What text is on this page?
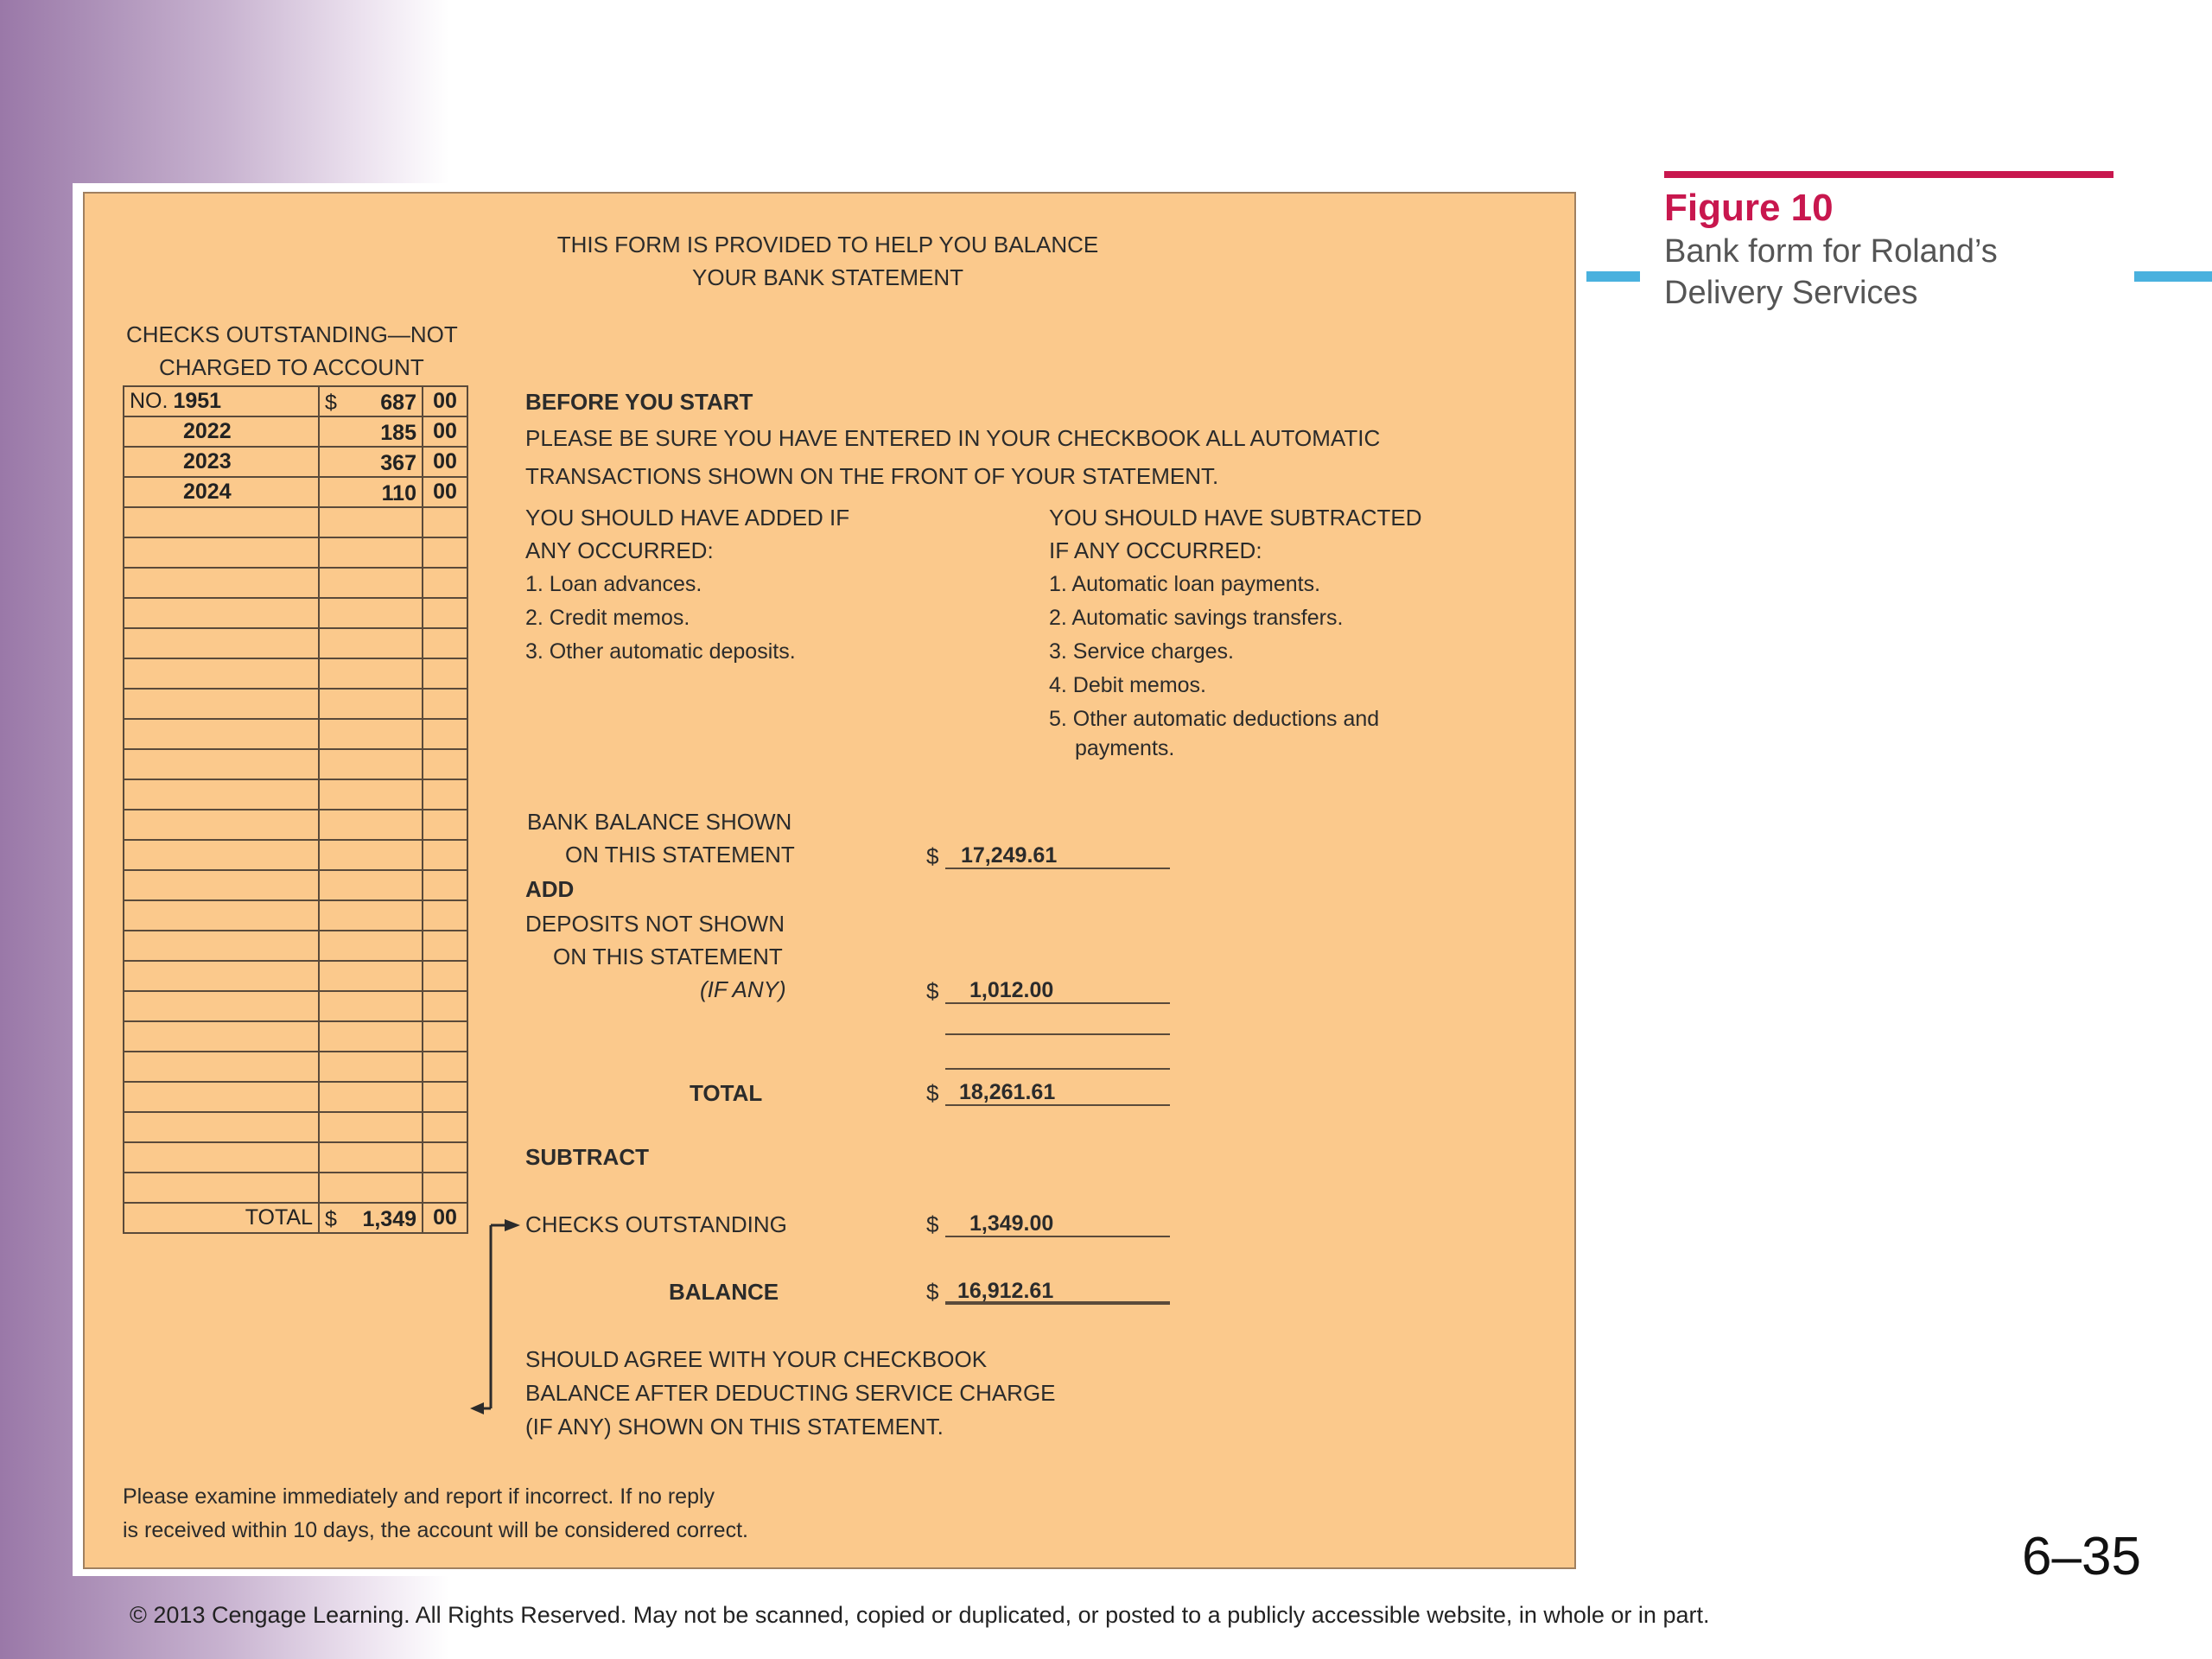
THIS FORM IS PROVIDED TO HELP YOU BALANCE
YOUR BANK STATEMENT
CHECKS OUTSTANDING—NOT
CHARGED TO ACCOUNT
NO. 1951	$ 687	00
2022	185	00
2023	367	00
2024	110	00

TOTAL	$ 1,349	00
BEFORE YOU START
PLEASE BE SURE YOU HAVE ENTERED IN YOUR CHECKBOOK ALL AUTOMATIC
TRANSACTIONS SHOWN ON THE FRONT OF YOUR STATEMENT.
YOU SHOULD HAVE ADDED IF
ANY OCCURRED:
1. Loan advances.
2. Credit memos.
3. Other automatic deposits.
YOU SHOULD HAVE SUBTRACTED
IF ANY OCCURRED:
1. Automatic loan payments.
2. Automatic savings transfers.
3. Service charges.
4. Debit memos.
5. Other automatic deductions and
payments.
BANK BALANCE SHOWN
ON THIS STATEMENT	$ 17,249.61
ADD
DEPOSITS NOT SHOWN
ON THIS STATEMENT
(IF ANY)	$ 1,012.00
TOTAL	$ 18,261.61
SUBTRACT
CHECKS OUTSTANDING	$ 1,349.00
BALANCE	$ 16,912.61
SHOULD AGREE WITH YOUR CHECKBOOK
BALANCE AFTER DEDUCTING SERVICE CHARGE
(IF ANY) SHOWN ON THIS STATEMENT.
Please examine immediately and report if incorrect. If no reply
is received within 10 days, the account will be considered correct.
Figure 10
Bank form for Roland’s
Delivery Services
6–35
© 2013 Cengage Learning. All Rights Reserved. May not be scanned, copied or duplicated, or posted to a publicly accessible website, in whole or in part.
